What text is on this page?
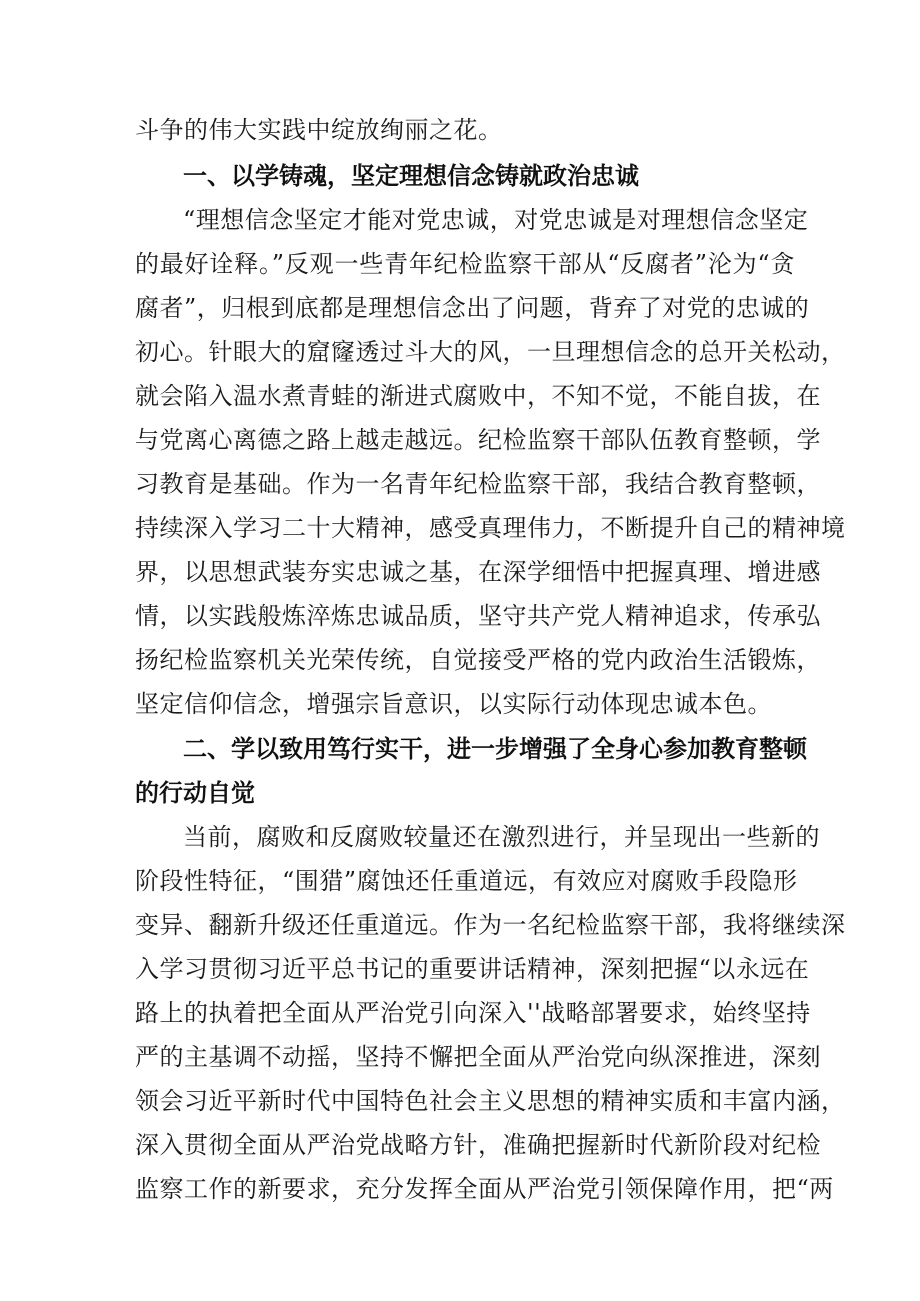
斗争的伟大实践中绽放绚丽之花。
一、以学铸魂，坚定理想信念铸就政治忠诚
“理想信念坚定才能对党忠诚，对党忠诚是对理想信念坚定
的最好诠释。”反观一些青年纪检监察干部从“反腐者”沦为“贪
腐者”，归根到底都是理想信念出了问题，背弃了对党的忠诚的
初心。针眼大的窟窿透过斗大的风，一旦理想信念的总开关松动，
就会陷入温水煮青蛙的渐进式腐败中，不知不觉，不能自拔，在
与党离心离德之路上越走越远。纪检监察干部队伍教育整顿，学
习教育是基础。作为一名青年纪检监察干部，我结合教育整顿，
持续深入学习二十大精神，感受真理伟力，不断提升自己的精神境
界，以思想武装夯实忠诚之基，在深学细悟中把握真理、增进感
情，以实践般炼淬炼忠诚品质，坚守共产党人精神追求，传承弘
扬纪检监察机关光荣传统，自觉接受严格的党内政治生活锻炼，
坚定信仰信念，增强宗旨意识，以实际行动体现忠诚本色。
二、学以致用笃行实干，进一步增强了全身心参加教育整顿
的行动自觉
当前，腐败和反腐败较量还在激烈进行，并呈现出一些新的
阶段性特征，“围猎”腐蚀还任重道远，有效应对腐败手段隐形
变异、翻新升级还任重道远。作为一名纪检监察干部，我将继续深
入学习贯彻习近平总书记的重要讲话精神，深刻把握“以永远在
路上的执着把全面从严治党引向深入''战略部署要求，始终坚持
严的主基调不动摇，坚持不懈把全面从严治党向纵深推进，深刻
领会习近平新时代中国特色社会主义思想的精神实质和丰富内涵，
深入贯彻全面从严治党战略方针，准确把握新时代新阶段对纪检
监察工作的新要求，充分发挥全面从严治党引领保障作用，把“两
